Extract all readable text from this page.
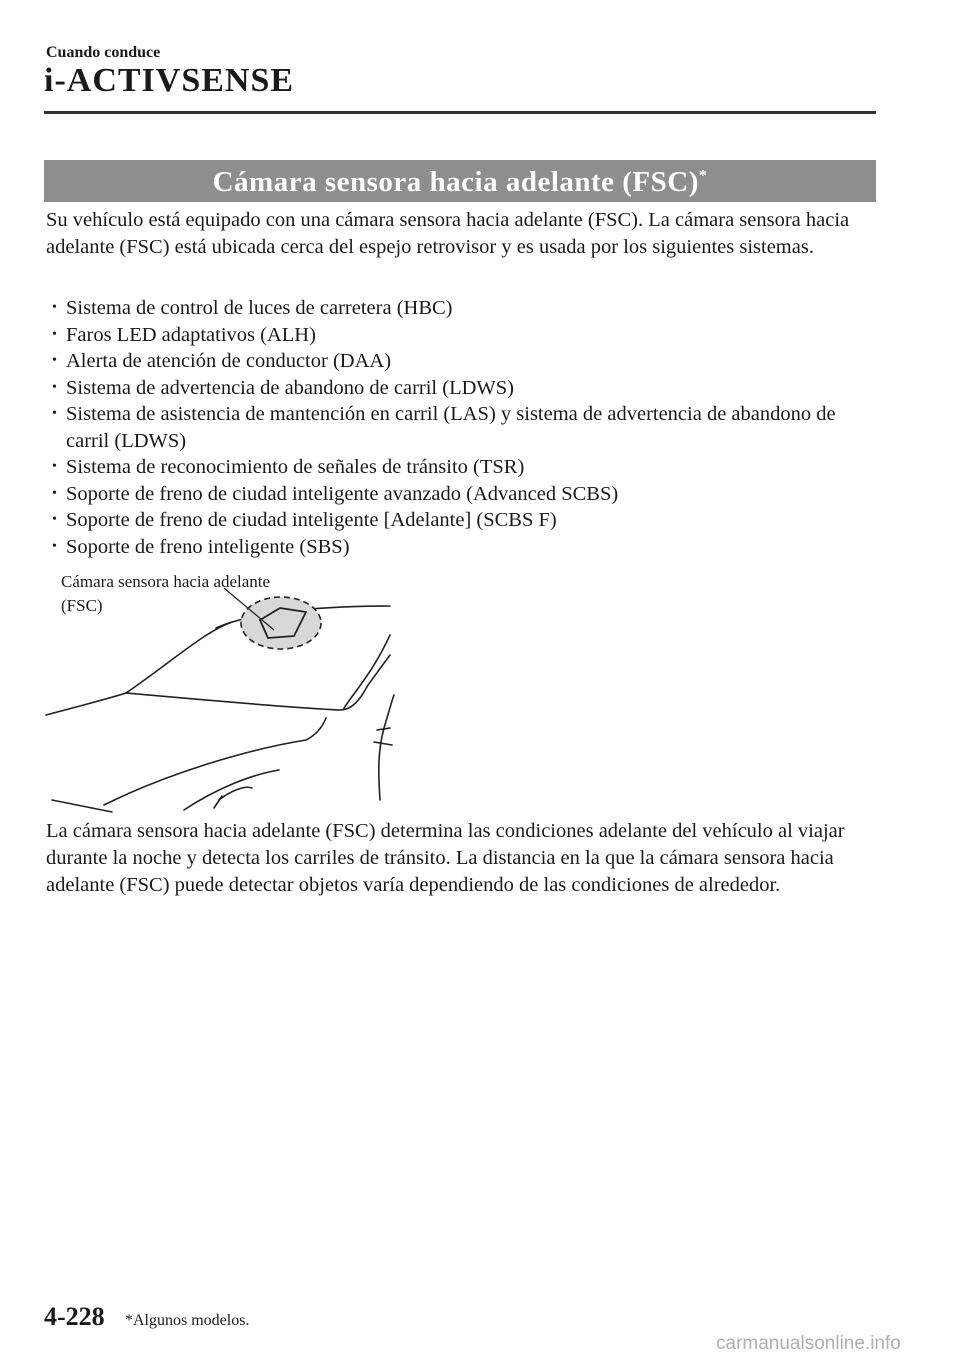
Cuando conduce
i-ACTIVSENSE
Cámara sensora hacia adelante (FSC)*

Su vehículo está equipado con una cámara sensora hacia adelante (FSC). La cámara sensora hacia adelante (FSC) está ubicada cerca del espejo retrovisor y es usada por los siguientes sistemas.

• Sistema de control de luces de carretera (HBC)
• Faros LED adaptativos (ALH)
• Alerta de atención de conductor (DAA)
• Sistema de advertencia de abandono de carril (LDWS)
• Sistema de asistencia de mantención en carril (LAS) y sistema de advertencia de abandono de carril (LDWS)
• Sistema de reconocimiento de señales de tránsito (TSR)
• Soporte de freno de ciudad inteligente avanzado (Advanced SCBS)
• Soporte de freno de ciudad inteligente [Adelante] (SCBS F)
• Soporte de freno inteligente (SBS)
Cámara sensora hacia adelante
(FSC)

La cámara sensora hacia adelante (FSC) determina las condiciones adelante del vehículo al viajar durante la noche y detecta los carriles de tránsito. La distancia en la que la cámara sensora hacia adelante (FSC) puede detectar objetos varía dependiendo de las condiciones de alrededor.

4-228 *Algunos modelos.
carmanualsonline.info
